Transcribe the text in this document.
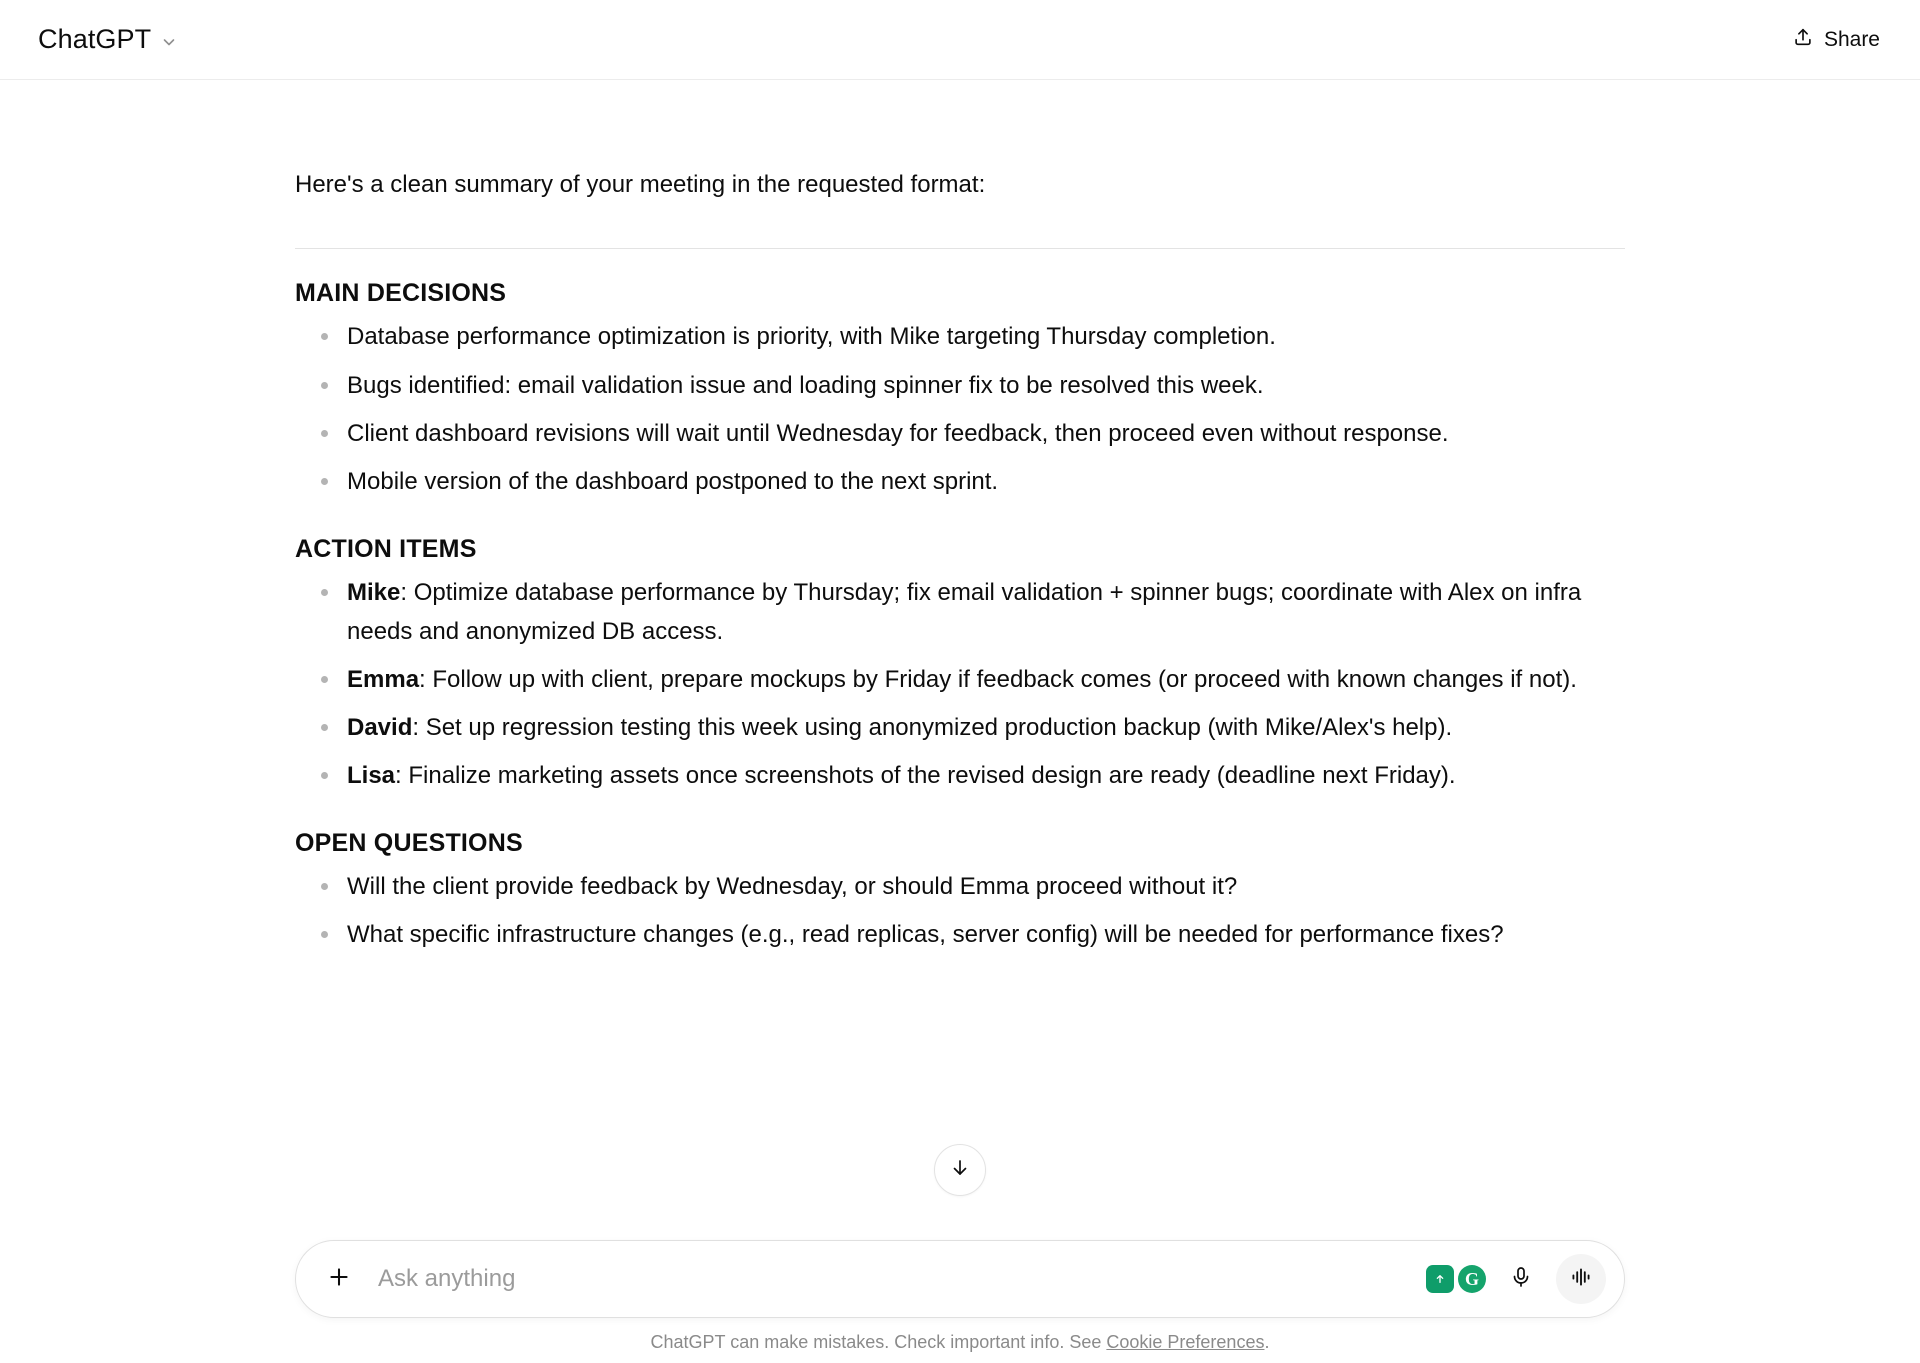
ChatGPT	Share
Here's a clean summary of your meeting in the requested format:
MAIN DECISIONS
Database performance optimization is priority, with Mike targeting Thursday completion.
Bugs identified: email validation issue and loading spinner fix to be resolved this week.
Client dashboard revisions will wait until Wednesday for feedback, then proceed even without response.
Mobile version of the dashboard postponed to the next sprint.
ACTION ITEMS
Mike: Optimize database performance by Thursday; fix email validation + spinner bugs; coordinate with Alex on infra needs and anonymized DB access.
Emma: Follow up with client, prepare mockups by Friday if feedback comes (or proceed with known changes if not).
David: Set up regression testing this week using anonymized production backup (with Mike/Alex's help).
Lisa: Finalize marketing assets once screenshots of the revised design are ready (deadline next Friday).
OPEN QUESTIONS
Will the client provide feedback by Wednesday, or should Emma proceed without it?
What specific infrastructure changes (e.g., read replicas, server config) will be needed for performance fixes?
Ask anything
G
ChatGPT can make mistakes. Check important info. See Cookie Preferences.
